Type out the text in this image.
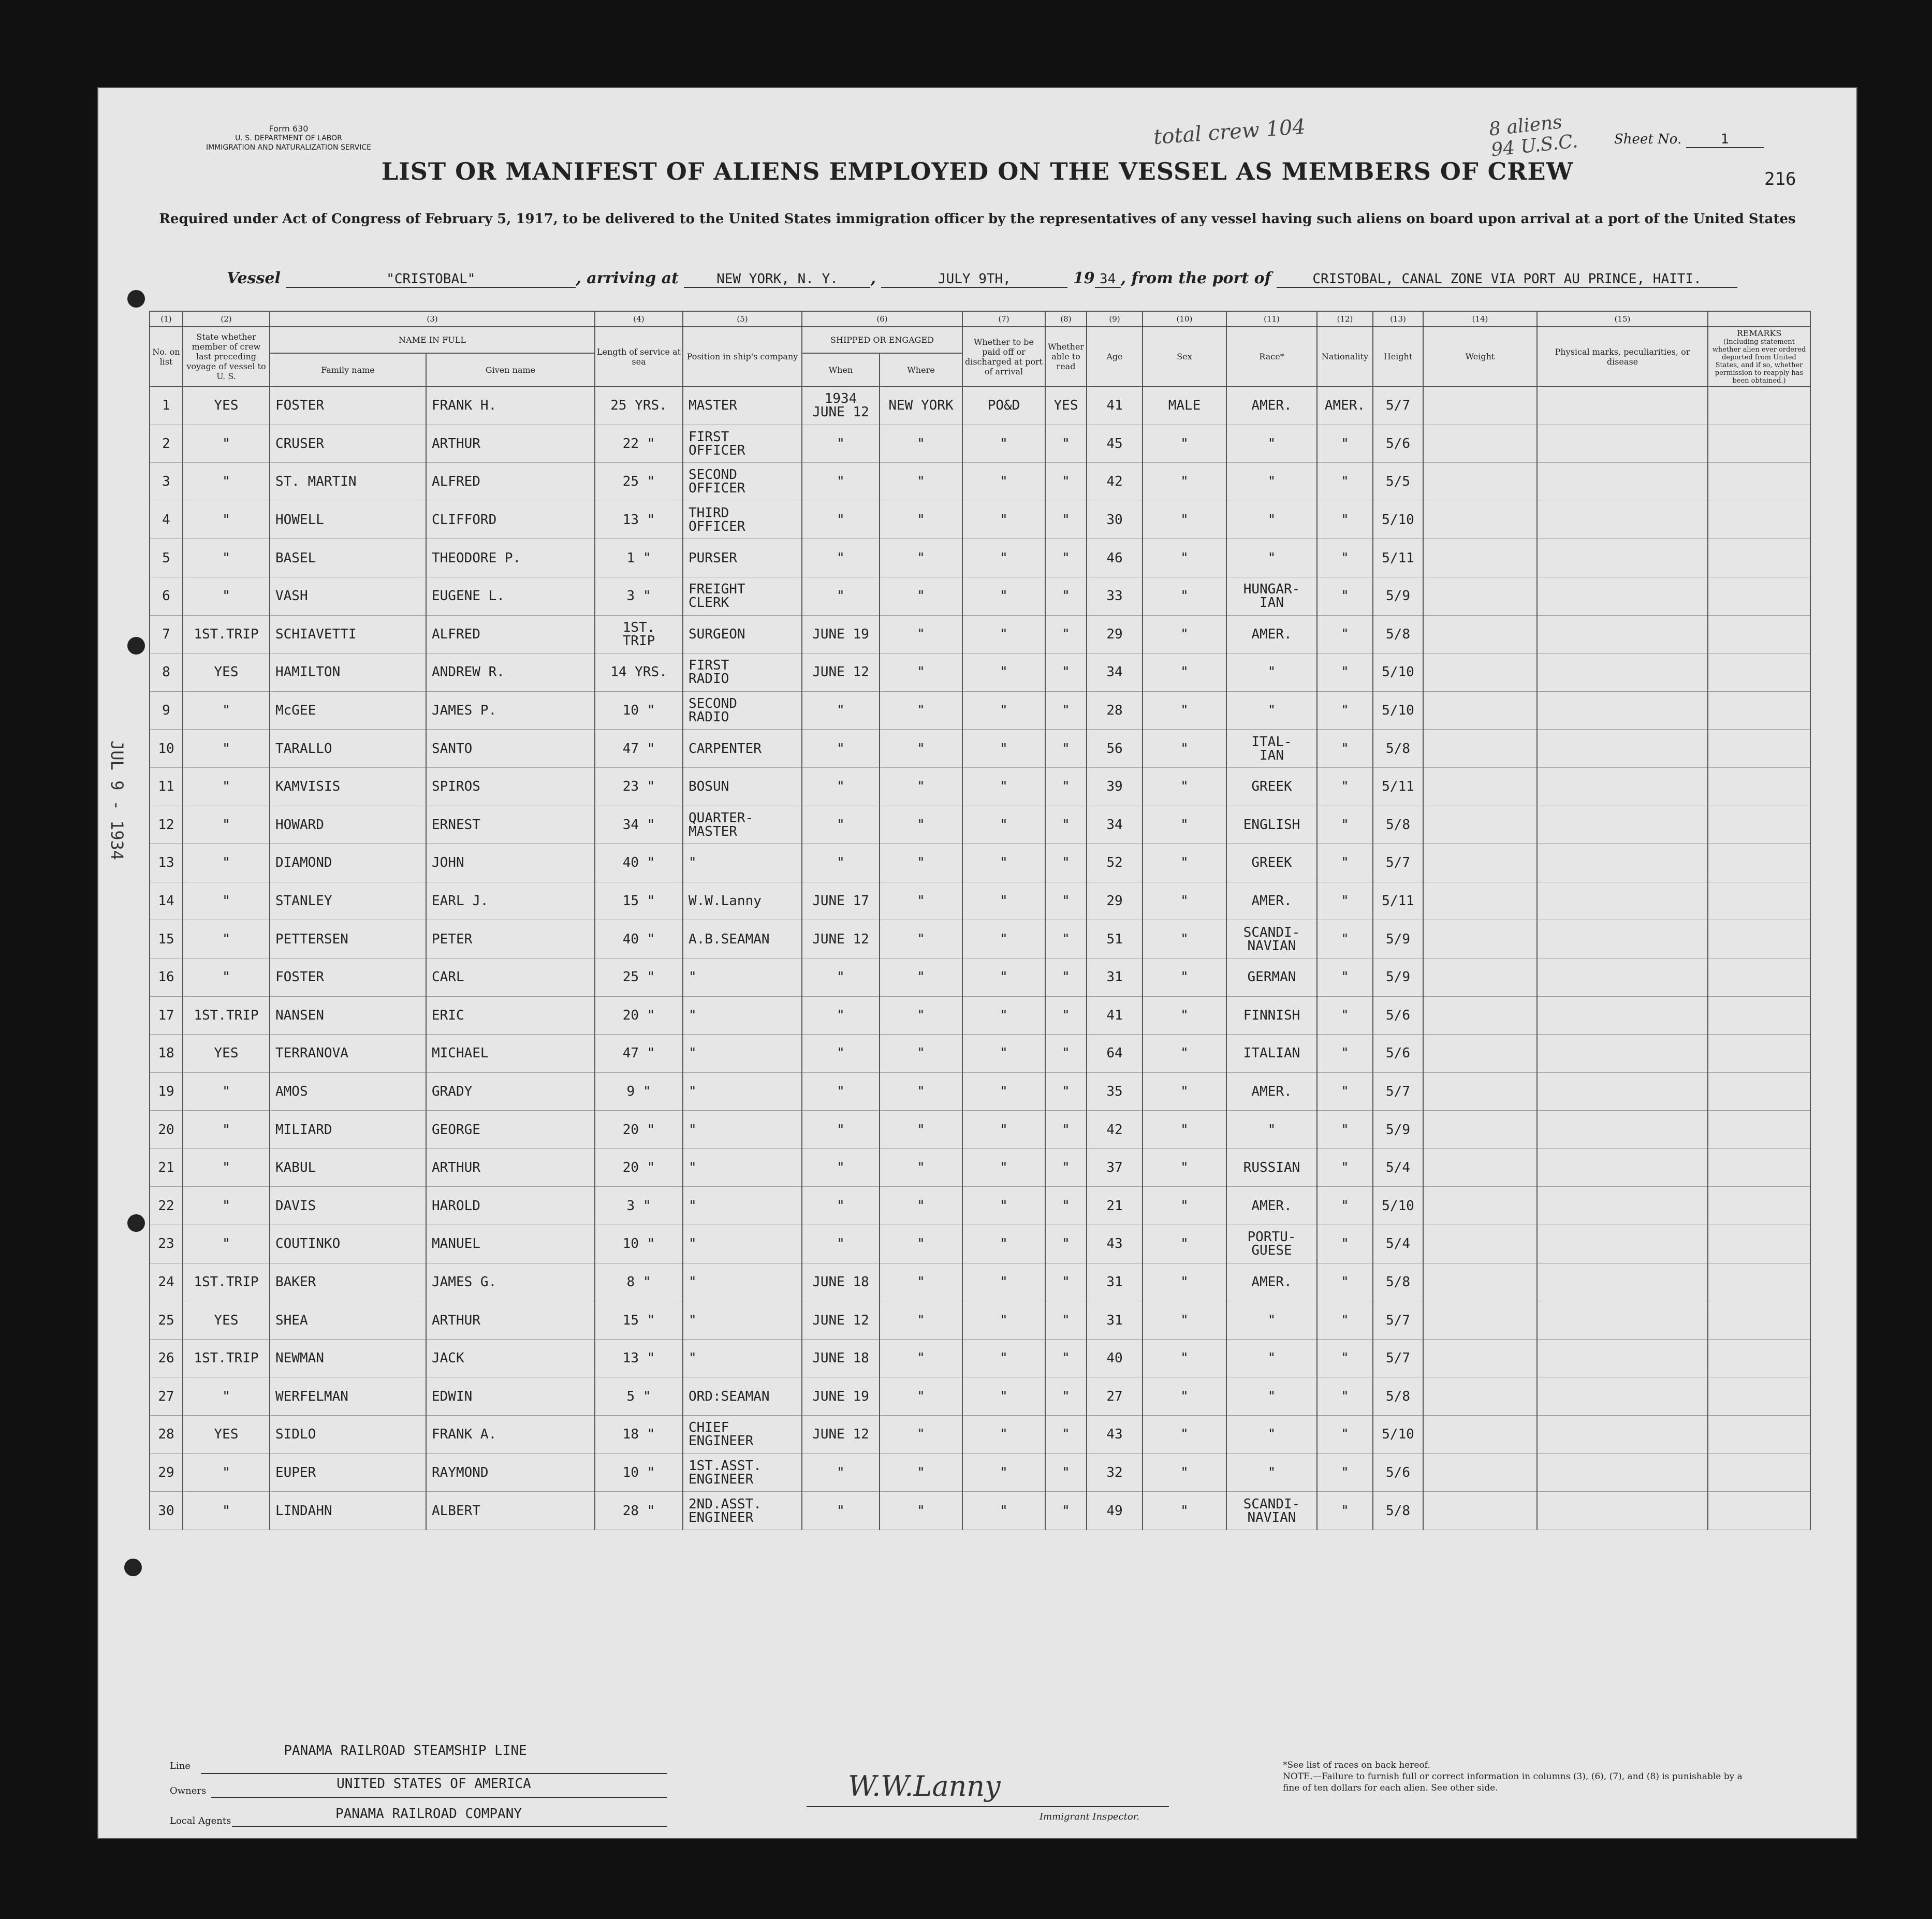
Form 630
U. S. DEPARTMENT OF LABOR
IMMIGRATION AND NATURALIZATION SERVICE	total crew 104	8 aliens
94 U.S.C.	Sheet No.	1
216
LIST OR MANIFEST OF ALIENS EMPLOYED ON THE VESSEL AS MEMBERS OF CREW
Required under Act of Congress of February 5, 1917, to be delivered to the United States immigration officer by the representatives of any vessel having such aliens on board upon arrival at a port of the United States
Vessel	"CRISTOBAL"	, arriving at	NEW YORK, N. Y. ,	JULY 9TH,	19 34 , from the port of	CRISTOBAL, CANAL ZONE VIA PORT AU PRINCE, HAITI.
(1)	(2)	(3)		(4)	(5)	(6)		(7)	(8)	(9)	(10)	(11)	(12)	(13)	(14)	(15)	
No. on list	State whether member of crew last preceding voyage of vessel to U. S.	NAME IN FULL		Length of service at sea	Position in ship's company	SHIPPED OR ENGAGED		Whether to be paid off or discharged at port of arrival	Whether able to read	Age	Sex	Race*	Nationality	Height	Weight	Physical marks, peculiarities, or disease	REMARKS
(Including statement whether alien ever ordered deported from United States, and if so, whether permission to reapply has been obtained.)

		Family name	Given name			When	Where										
1	YES	FOSTER	FRANK H.	25 YRS.	MASTER	1934
JUNE 12	NEW YORK	PO&D	YES	41	MALE	AMER.	AMER.	5/7			
2	"	CRUSER	ARTHUR	22 "	FIRST
OFFICER	"	"	"	"	45	"	"	"	5/6			
3	"	ST. MARTIN	ALFRED	25 "	SECOND
OFFICER	"	"	"	"	42	"	"	"	5/5			
4	"	HOWELL	CLIFFORD	13 "	THIRD
OFFICER	"	"	"	"	30	"	"	"	5/10			
5	"	BASEL	THEODORE P.	1 "	PURSER	"	"	"	"	46	"	"	"	5/11			
6	"	VASH	EUGENE L.	3 "	FREIGHT
CLERK	"	"	"	"	33	"	HUNGAR-
IAN	"	5/9			
7	1ST.TRIP	SCHIAVETTI	ALFRED	1ST.
TRIP	SURGEON	JUNE 19	"	"	"	29	"	AMER.	"	5/8			
8	YES	HAMILTON	ANDREW R.	14 YRS.	FIRST
RADIO	JUNE 12	"	"	"	34	"	"	"	5/10			
9	"	McGEE	JAMES P.	10 "	SECOND
RADIO	"	"	"	"	28	"	"	"	5/10			
10	"	TARALLO	SANTO	47 "	CARPENTER	"	"	"	"	56	"	ITAL-
IAN	"	5/8			
11	"	KAMVISIS	SPIROS	23 "	BOSUN	"	"	"	"	39	"	GREEK	"	5/11			
12	"	HOWARD	ERNEST	34 "	QUARTER-
MASTER	"	"	"	"	34	"	ENGLISH	"	5/8			
13	"	DIAMOND	JOHN	40 "	"	"	"	"	"	52	"	GREEK	"	5/7			
14	"	STANLEY	EARL J.	15 "	W.W.Lanny	JUNE 17	"	"	"	29	"	AMER.	"	5/11			
15	"	PETTERSEN	PETER	40 "	A.B.SEAMAN	JUNE 12	"	"	"	51	"	SCANDI-
NAVIAN	"	5/9			
16	"	FOSTER	CARL	25 "	"	"	"	"	"	31	"	GERMAN	"	5/9			
17	1ST.TRIP	NANSEN	ERIC	20 "	"	"	"	"	"	41	"	FINNISH	"	5/6			
18	YES	TERRANOVA	MICHAEL	47 "	"	"	"	"	"	64	"	ITALIAN	"	5/6			
19	"	AMOS	GRADY	9 "	"	"	"	"	"	35	"	AMER.	"	5/7			
20	"	MILIARD	GEORGE	20 "	"	"	"	"	"	42	"	"	"	5/9			
21	"	KABUL	ARTHUR	20 "	"	"	"	"	"	37	"	RUSSIAN	"	5/4			
22	"	DAVIS	HAROLD	3 "	"	"	"	"	"	21	"	AMER.	"	5/10			
23	"	COUTINKO	MANUEL	10 "	"	"	"	"	"	43	"	PORTU-
GUESE	"	5/4			
24	1ST.TRIP	BAKER	JAMES G.	8 "	"	JUNE 18	"	"	"	31	"	AMER.	"	5/8			
25	YES	SHEA	ARTHUR	15 "	"	JUNE 12	"	"	"	31	"	"	"	5/7			
26	1ST.TRIP	NEWMAN	JACK	13 "	"	JUNE 18	"	"	"	40	"	"	"	5/7			
27	"	WERFELMAN	EDWIN	5 "	ORD:SEAMAN	JUNE 19	"	"	"	27	"	"	"	5/8			
28	YES	SIDLO	FRANK A.	18 "	CHIEF
ENGINEER	JUNE 12	"	"	"	43	"	"	"	5/10			
29	"	EUPER	RAYMOND	10 "	1ST.ASST.
ENGINEER	"	"	"	"	32	"	"	"	5/6			
30	"	LINDAHN	ALBERT	28 "	2ND.ASST.
ENGINEER	"	"	"	"	49	"	SCANDI-
NAVIAN	"	5/8			
PANAMA RAILROAD STEAMSHIP LINE
Line
Owners	UNITED STATES OF AMERICA
Local Agents	PANAMA RAILROAD COMPANY
W.W.Lanny
Immigrant Inspector.
*See list of races on back hereof.
NOTE.—Failure to furnish full or correct information in columns (3), (6), (7), and (8) is punishable by a fine of ten dollars for each alien. See other side.
JUL 9 - 1934
